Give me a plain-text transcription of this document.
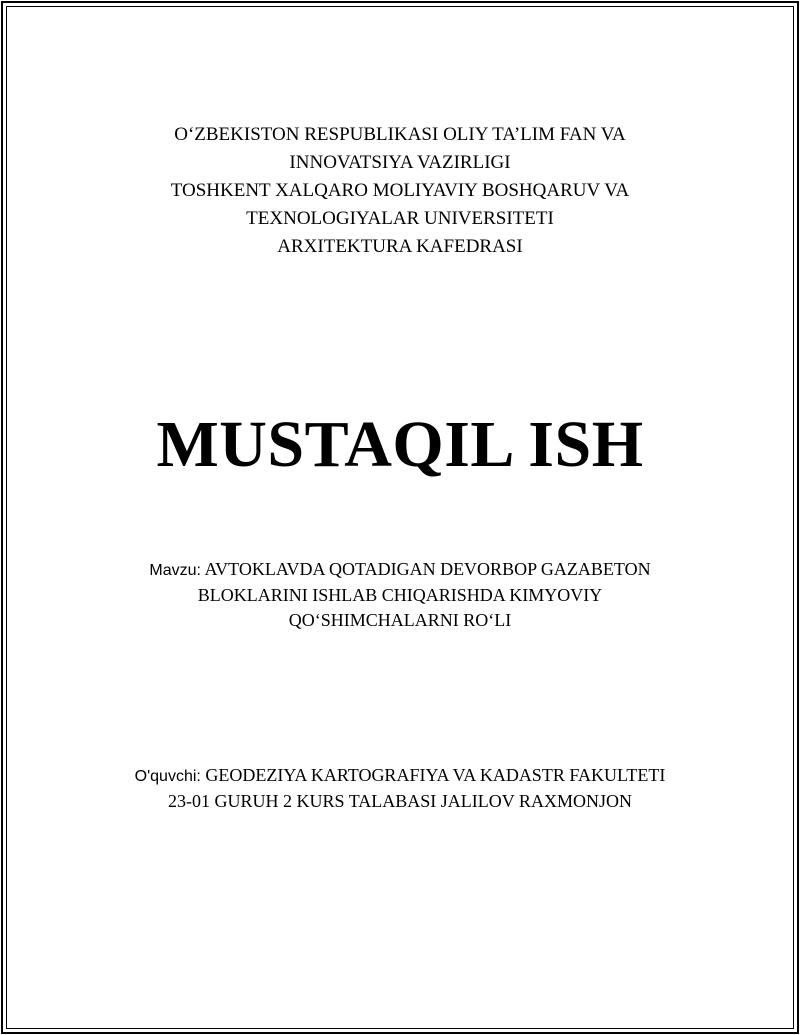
O‘ZBEKISTON RESPUBLIKASI OLIY TA’LIM FAN VA
INNOVATSIYA VAZIRLIGI
TOSHKENT XALQARO MOLIYAVIY BOSHQARUV VA
TEXNOLOGIYALAR UNIVERSITETI
ARXITEKTURA KAFEDRASI
MUSTAQIL ISH
Mavzu: AVTOKLAVDA QOTADIGAN DEVORBOP GAZABETON
BLOKLARINI ISHLAB CHIQARISHDA KIMYOVIY
QO‘SHIMCHALARNI RO‘LI
O'quvchi: GEODEZIYA KARTOGRAFIYA VA KADASTR FAKULTETI
23-01 GURUH 2 KURS TALABASI JALILOV RAXMONJON
